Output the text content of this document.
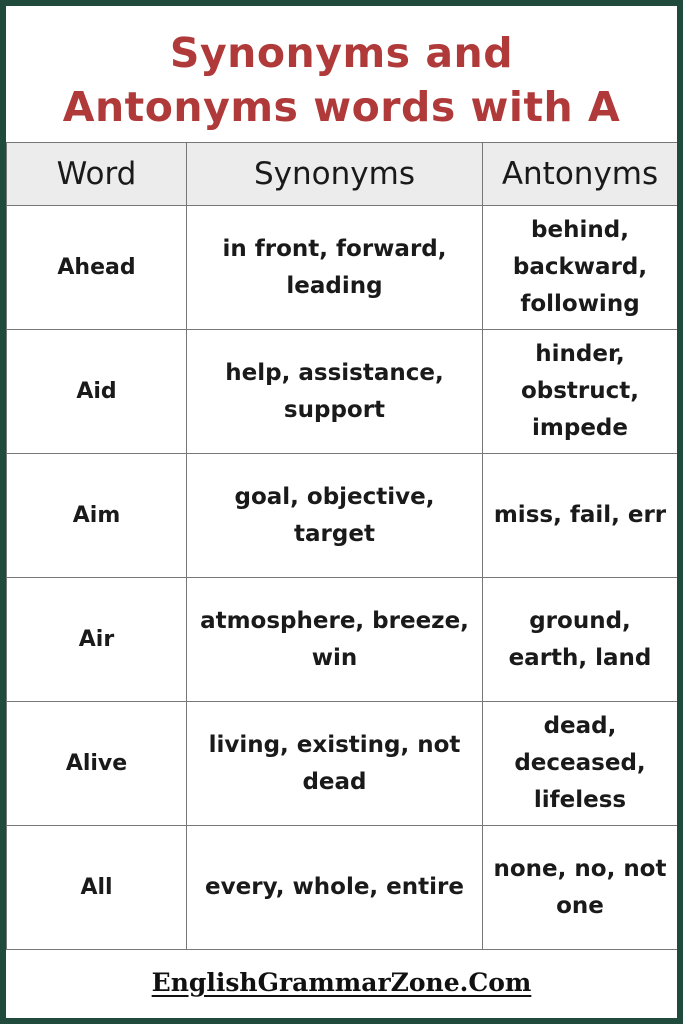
Synonyms and
Antonyms words with A
Word	Synonyms	Antonyms
Ahead	in front, forward, leading	behind, backward, following
Aid	help, assistance, support	hinder, obstruct, impede
Aim	goal, objective, target	miss, fail, err
Air	atmosphere, breeze, win	ground, earth, land
Alive	living, existing, not dead	dead, deceased, lifeless
All	every, whole, entire	none, no, not one
EnglishGrammarZone.Com
